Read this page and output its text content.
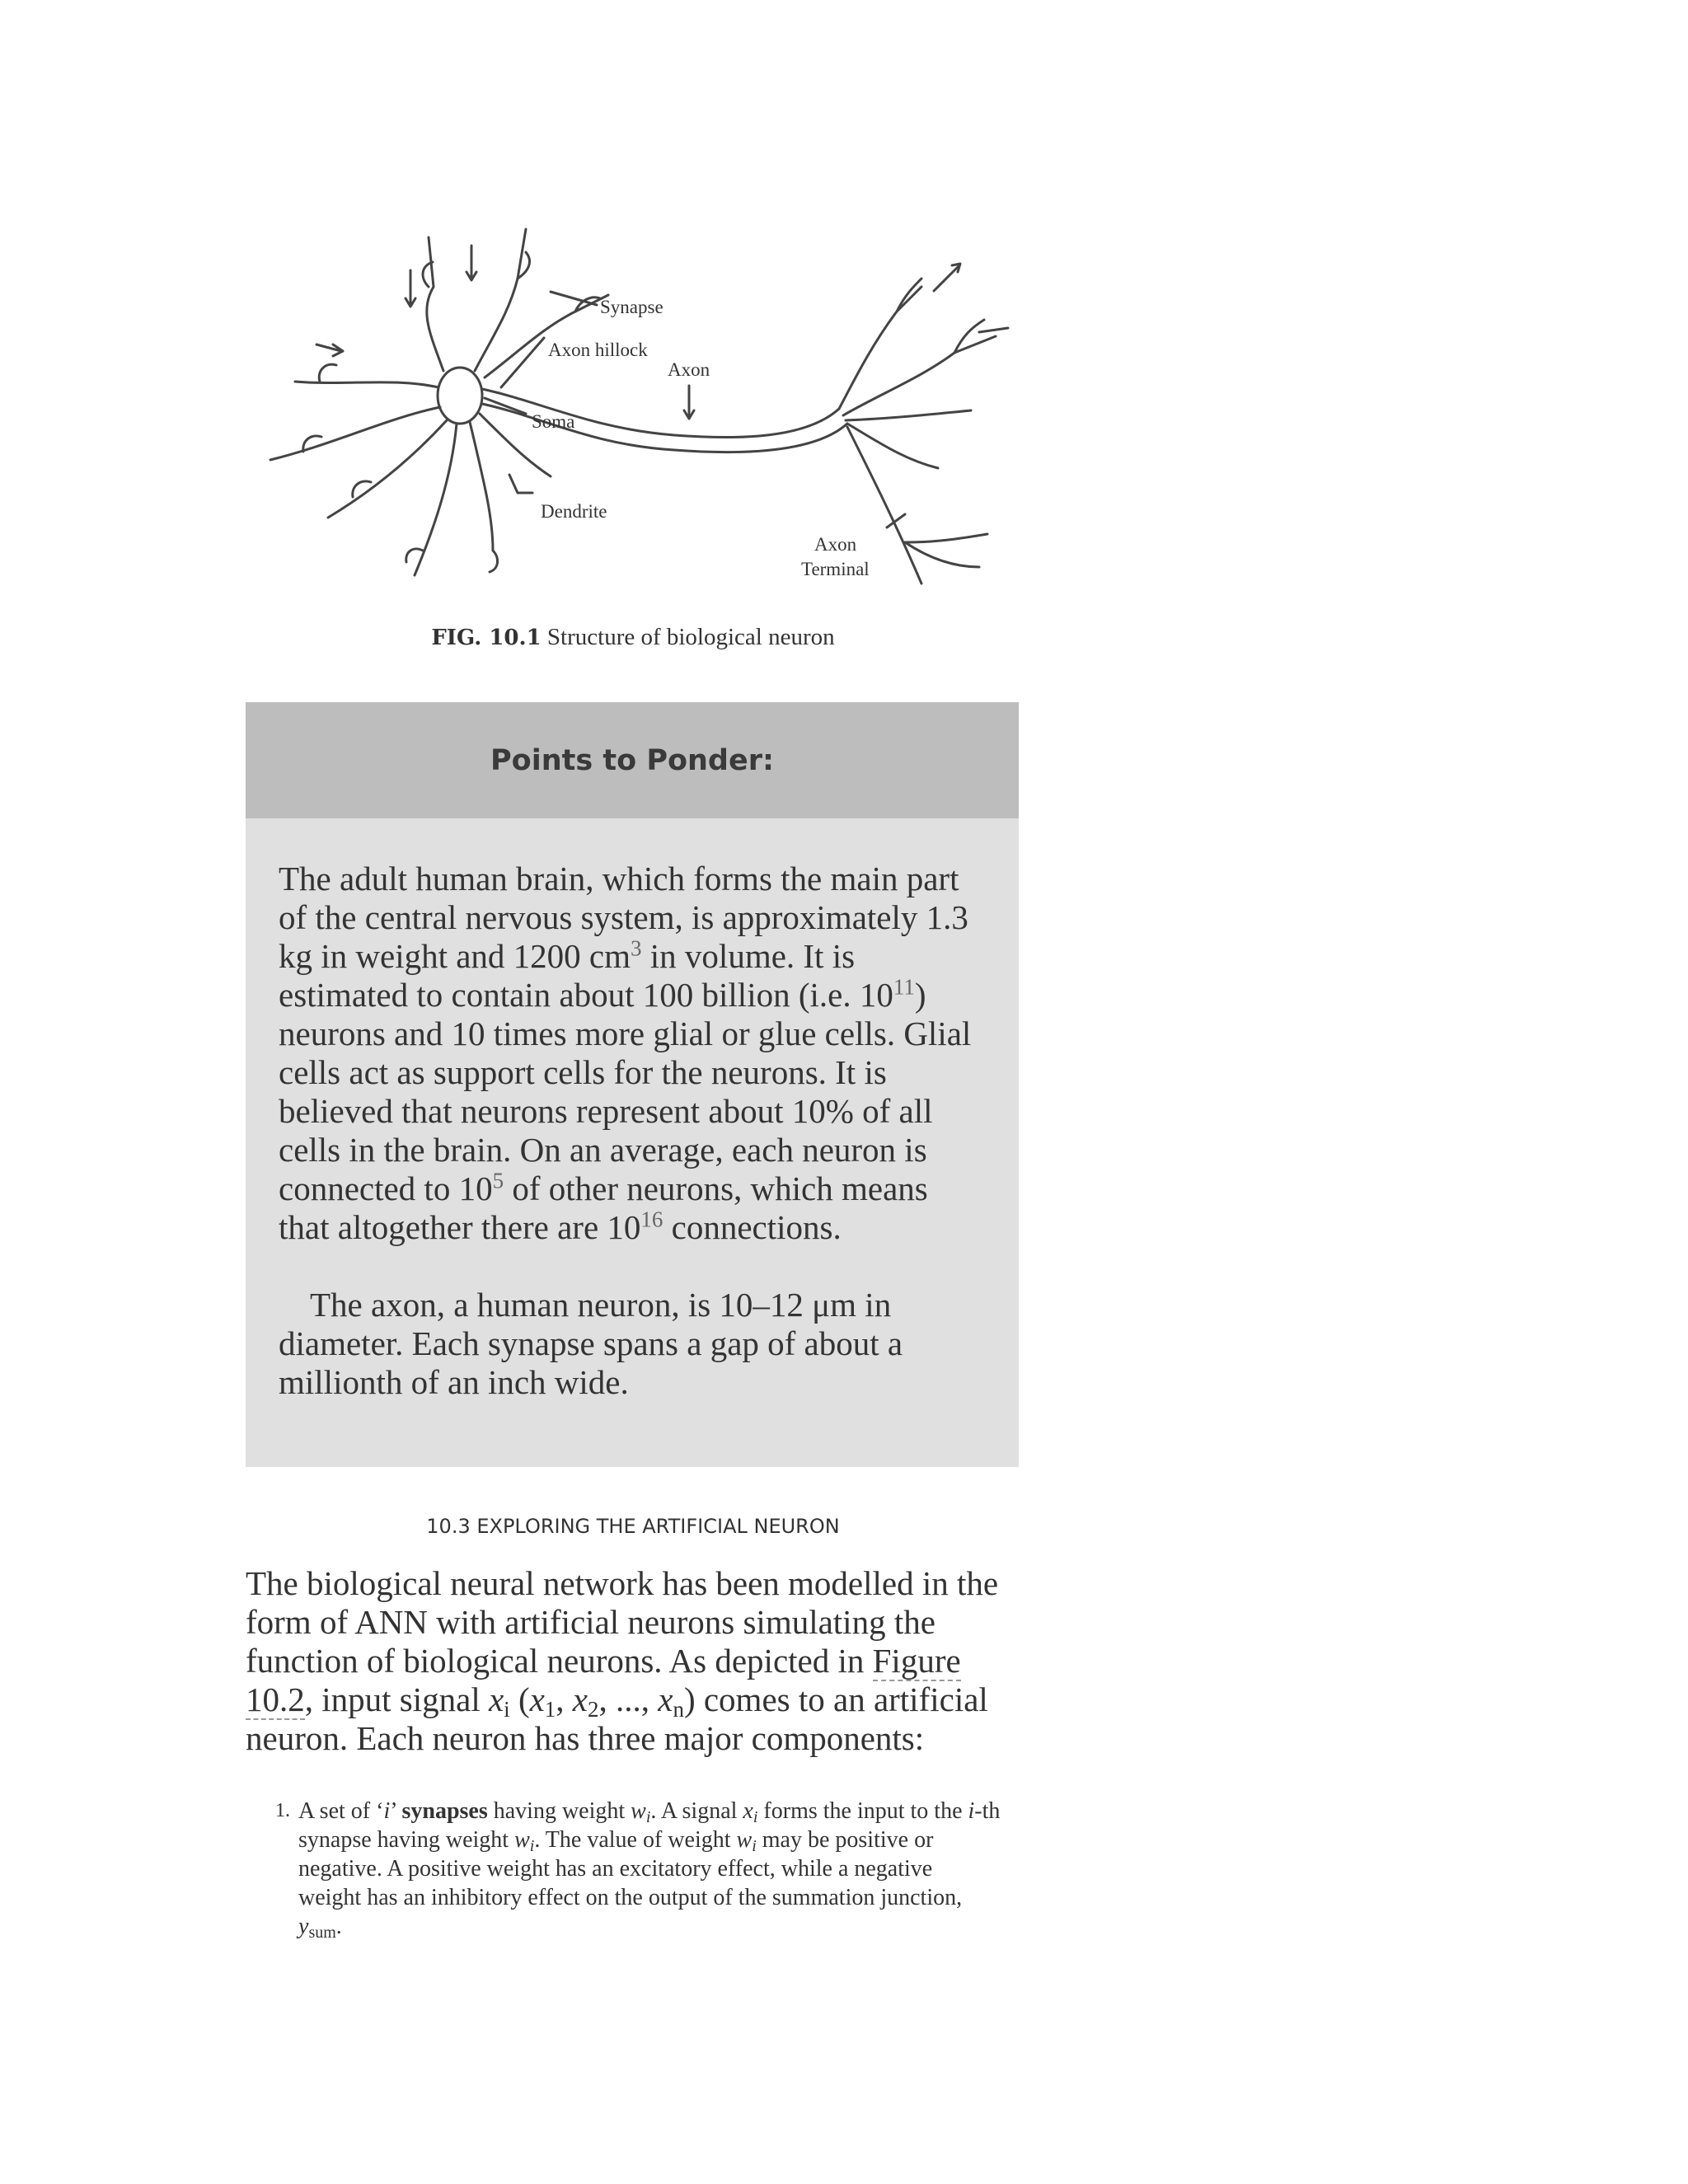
Synapse
Axon hillock
Axon
Soma
Dendrite
Axon
Terminal
FIG. 10.1 Structure of biological neuron
Points to Ponder:

The adult human brain, which forms the main part of the central nervous system, is approximately 1.3 kg in weight and 1200 $cm^3$ in volume. It is estimated to contain about 100 billion (i.e. $10^{11}$) neurons and 10 times more glial or glue cells. Glial cells act as support cells for the neurons. It is believed that neurons represent about 10% of all cells in the brain. On an average, each neuron is connected to $10^5$ of other neurons, which means that altogether there are $10^{16}$ connections.

The axon, a human neuron, is 10–12 μm in diameter. Each synapse spans a gap of about a millionth of an inch wide.

10.3 EXPLORING THE ARTIFICIAL NEURON

The biological neural network has been modelled in the form of ANN with artificial neurons simulating the function of biological neurons. As depicted in Figure 10.2, input signal $x_i$ ($x_1$, $x_2$, ..., $x_n$) comes to an artificial neuron. Each neuron has three major components:

1. A set of ‘i’ synapses having weight wi. A signal xi forms the input to the i-th synapse having weight wi. The value of weight wi may be positive or negative. A positive weight has an excitatory effect, while a negative weight has an inhibitory effect on the output of the summation junction, ysum.
